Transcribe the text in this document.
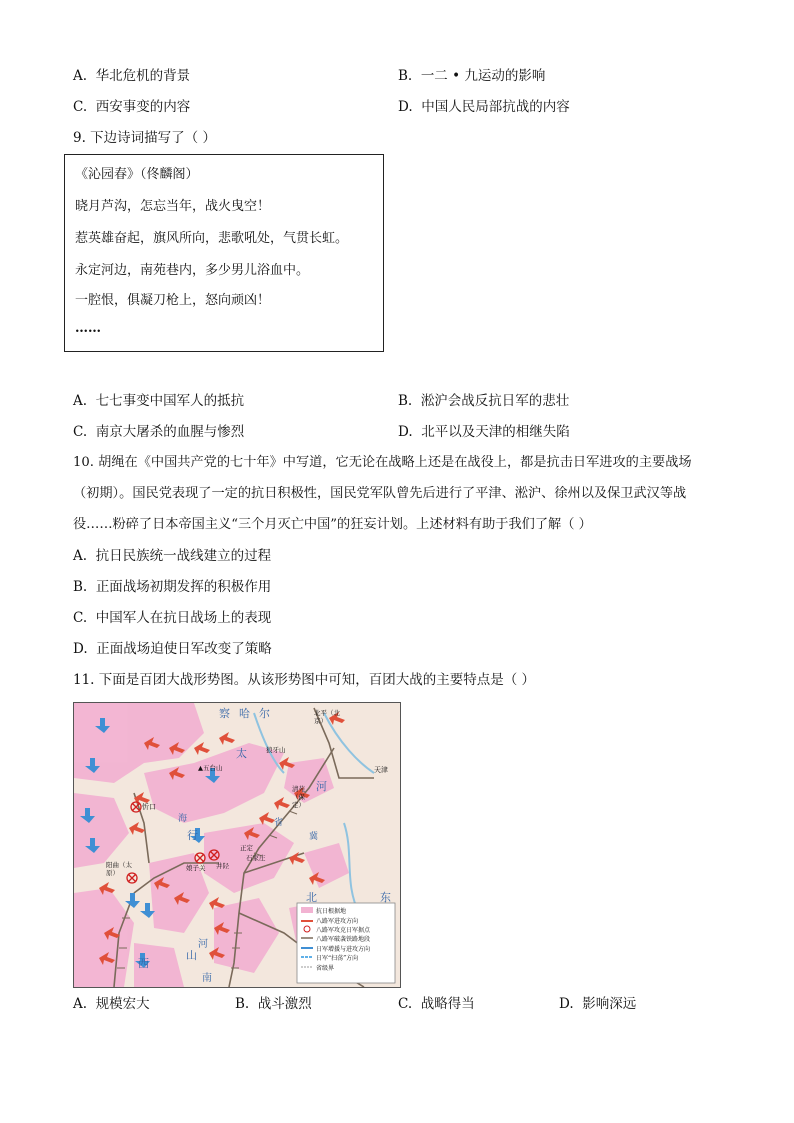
A. 华北危机的背景	B. 一二 • 九运动的影响
C. 西安事变的内容	D. 中国人民局部抗战的内容
9. 下边诗词描写了（ ）
《沁园春》（佟麟阁）
晓月芦沟，怎忘当年，战火曳空！
惹英雄奋起，旗风所向，悲歌吼处，气贯长虹。
永定河边，南苑巷内，多少男儿浴血中。
一腔恨，俱凝刀枪上，怒向顽凶！
……
A. 七七事变中国军人的抵抗	B. 淞沪会战反抗日军的悲壮
C. 南京大屠杀的血腥与惨烈	D. 北平以及天津的相继失陷
10. 胡绳在《中国共产党的七十年》中写道，它无论在战略上还是在战役上，都是抗击日军进攻的主要战场
（初期）。国民党表现了一定的抗日积极性，国民党军队曾先后进行了平津、淞沪、徐州以及保卫武汉等战
役……粉碎了日本帝国主义“三个月灭亡中国”的狂妄计划。上述材料有助于我们了解（ ）
A. 抗日民族统一战线建立的过程
B. 正面战场初期发挥的积极作用
C. 中国军人在抗日战场上的表现
D. 正面战场迫使日军改变了策略
11. 下面是百团大战形势图。从该形势图中可知，百团大战的主要特点是（ ）
察 哈 尔
太
行
山
西
河
北	东
冀
南
海
河
省
北平（北京）
天津
狼牙山
▲五台山
清苑（保定）
忻口
阳曲（太原）
娘子关 井陉
正定
石家庄
抗日根据地
八路军进攻方向
八路军攻克日军据点
八路军破袭铁路地段
日军增援与进攻方向
日军“扫荡”方向
省级界
A. 规模宏大	B. 战斗激烈	C. 战略得当	D. 影响深远
